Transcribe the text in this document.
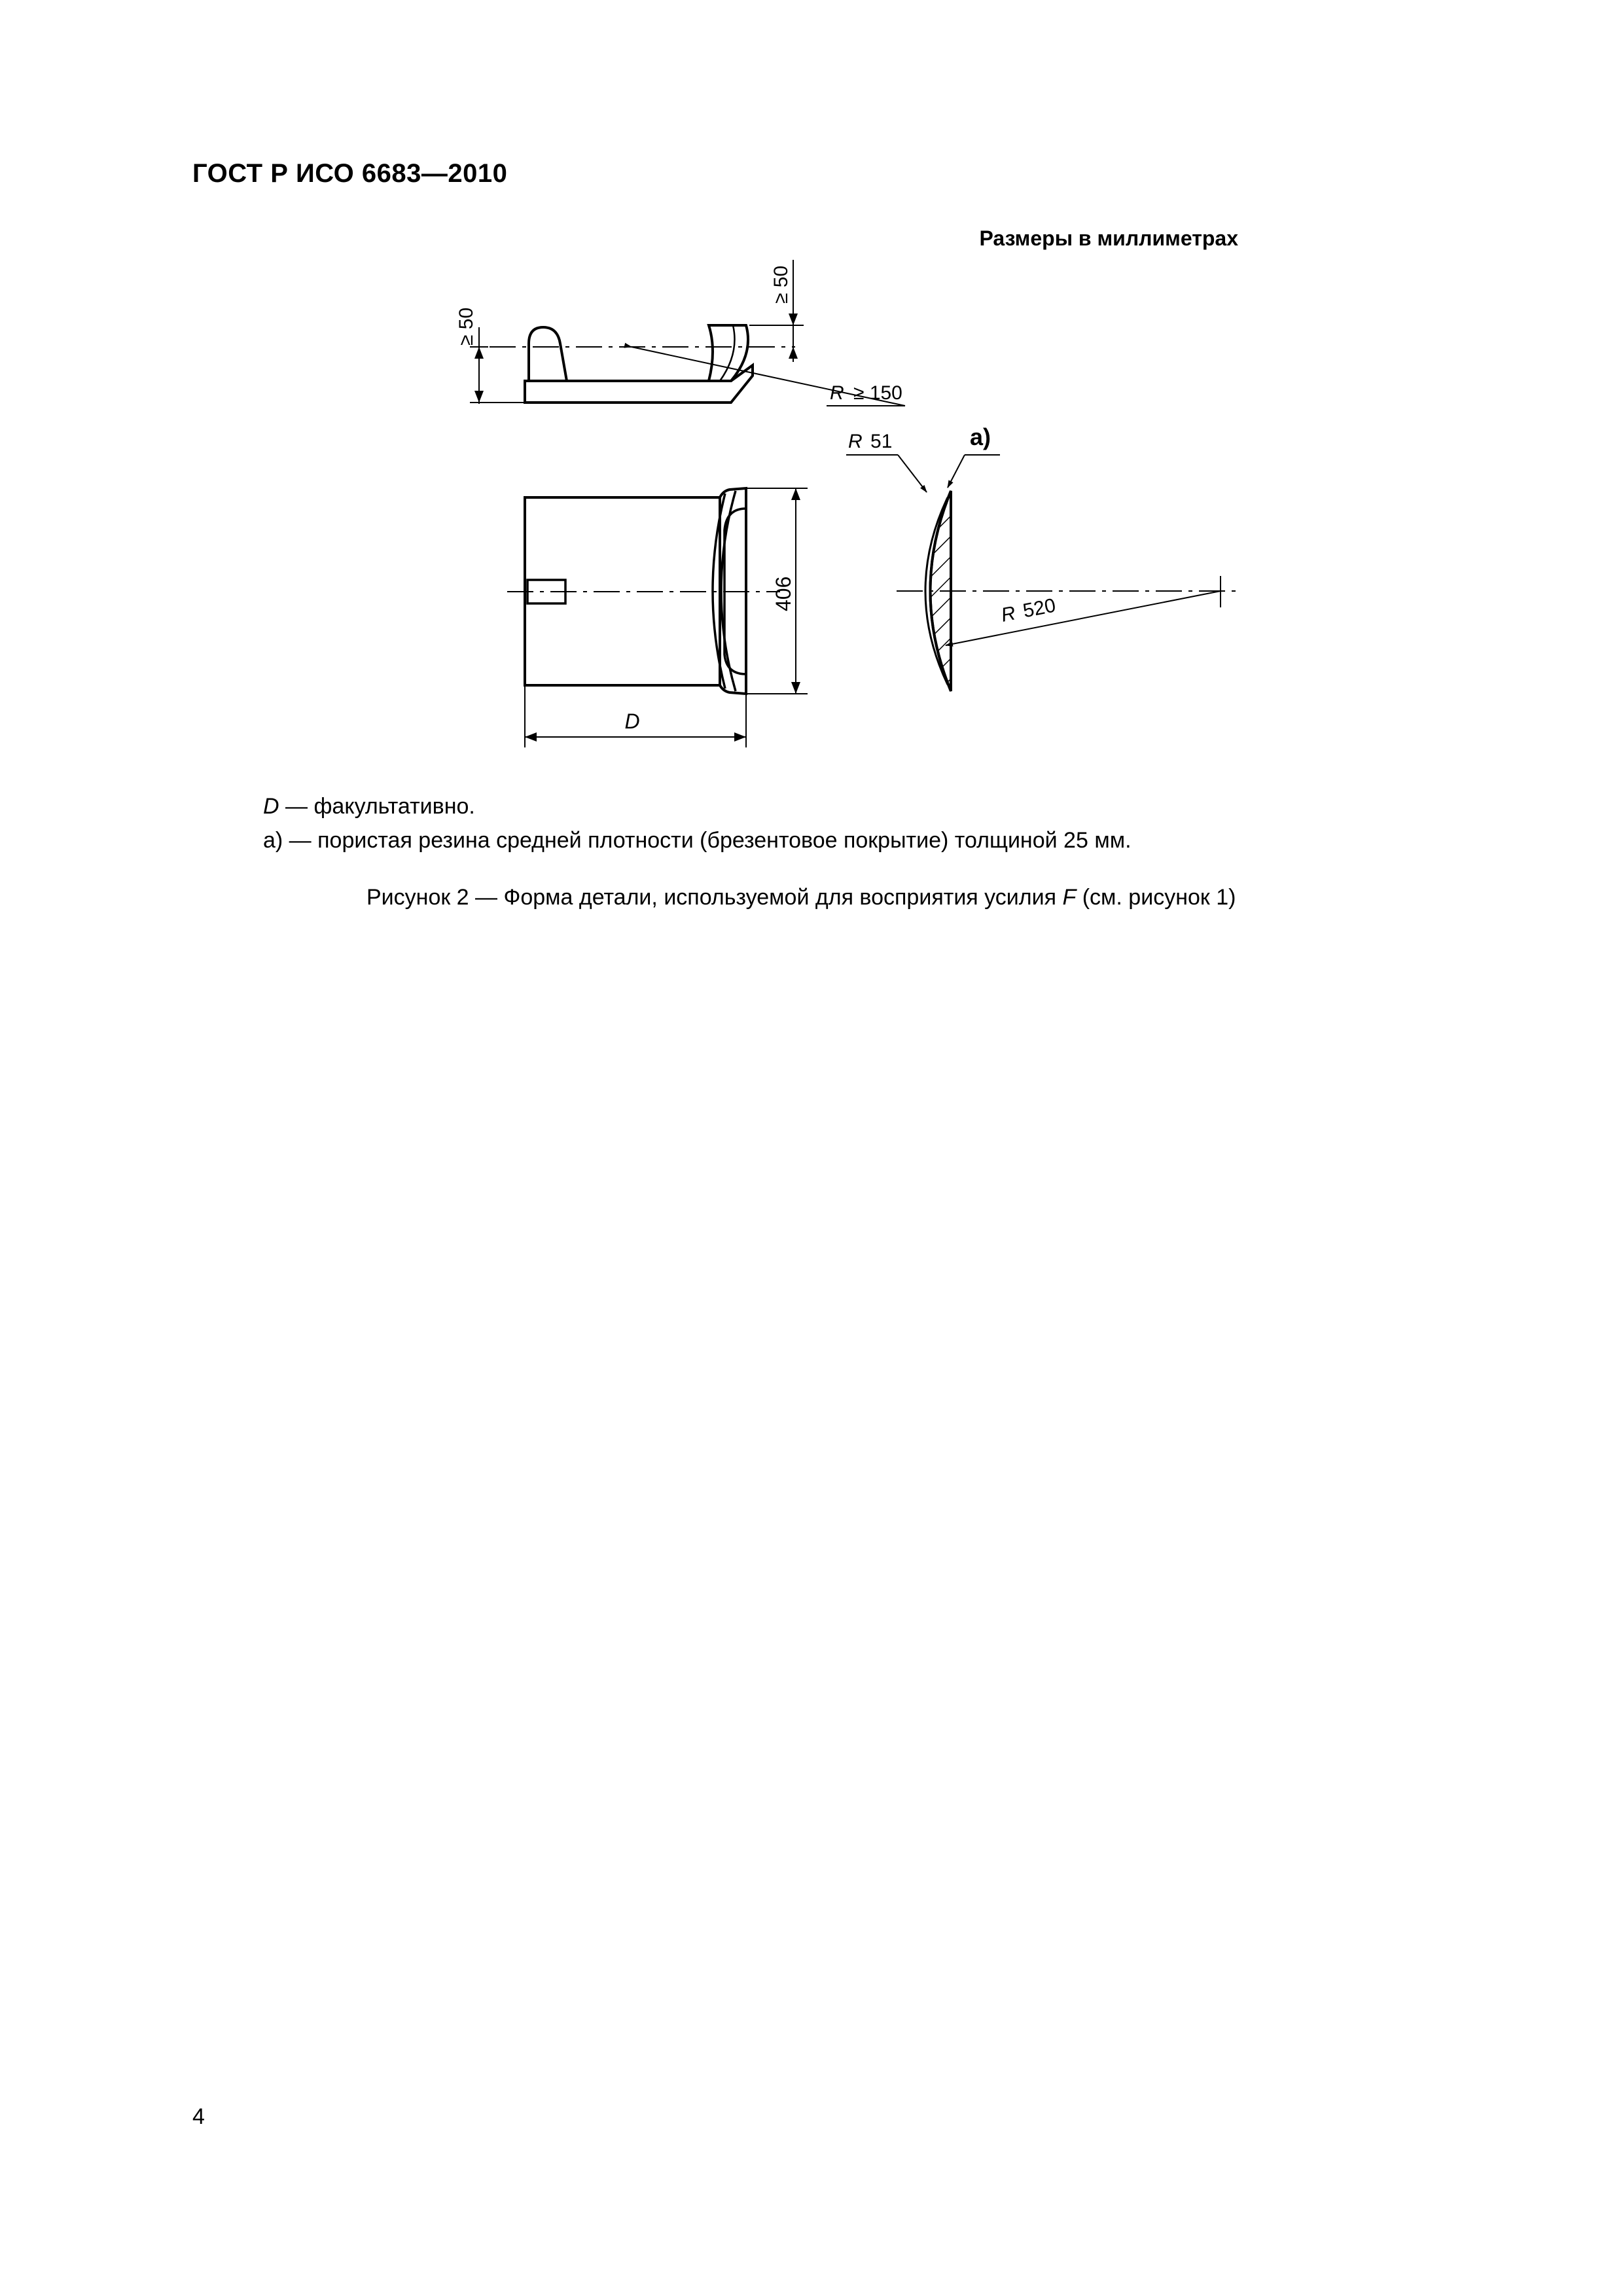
ГОСТ Р ИСО 6683—2010
Размеры в миллиметрах
≥ 50
≥ 50
R ≥ 150
406
D
R 51	а)
R 520
D — факультативно.
а) — пористая резина средней плотности (брезентовое покрытие) толщиной 25 мм.
Рисунок 2 — Форма детали, используемой для восприятия усилия F (см. рисунок 1)
4
